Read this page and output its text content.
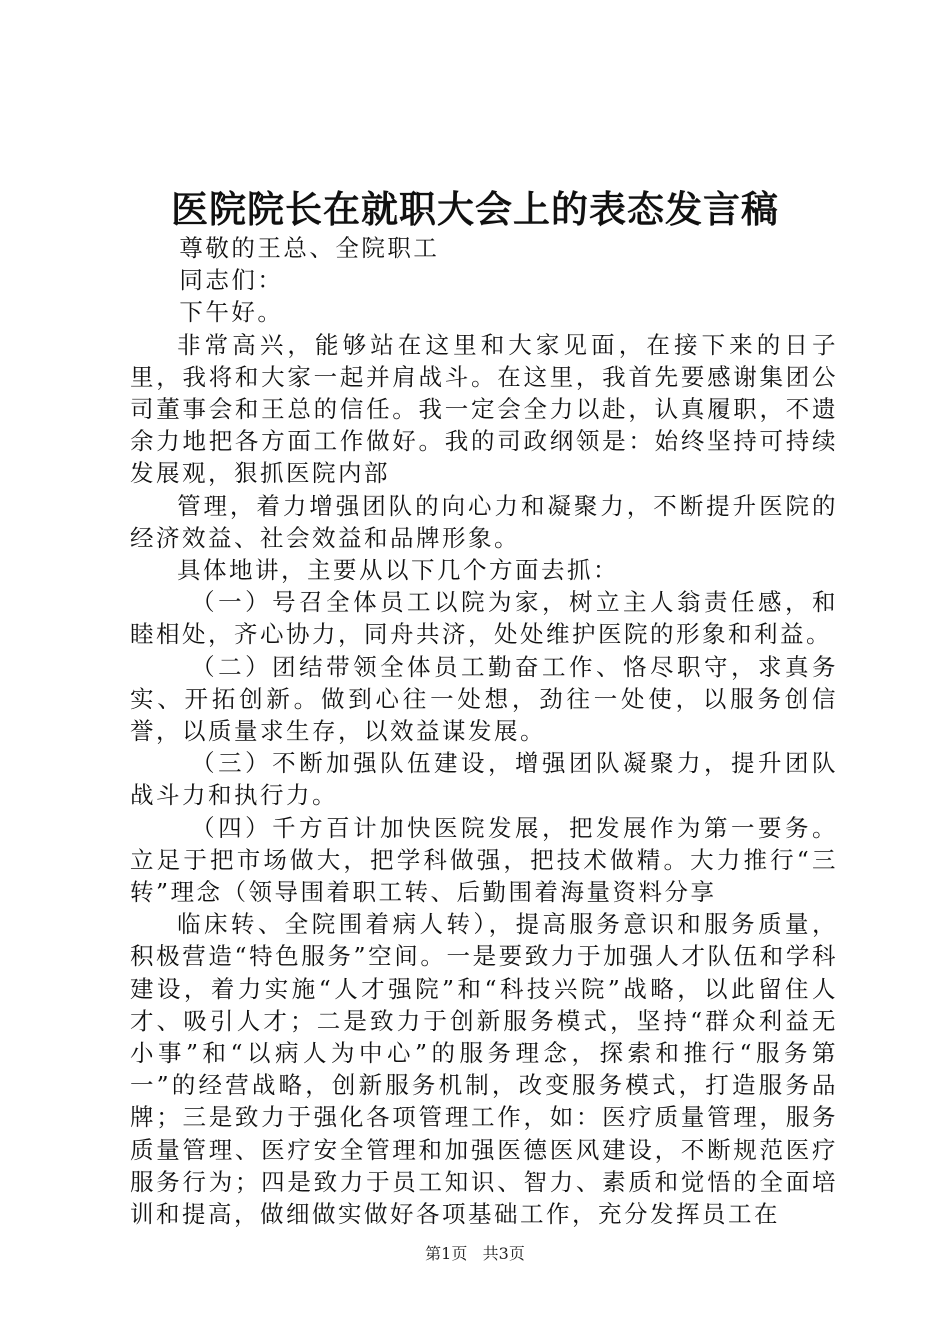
医院院长在就职大会上的表态发言稿

尊敬的王总、全院职工

同志们：

下午好。

非常高兴，能够站在这里和大家见面，在接下来的日子里，我将和大家一起并肩战斗。在这里，我首先要感谢集团公司董事会和王总的信任。我一定会全力以赴，认真履职，不遗余力地把各方面工作做好。我的司政纲领是：始终坚持可持续发展观，狠抓医院内部

管理，着力增强团队的向心力和凝聚力，不断提升医院的经济效益、社会效益和品牌形象。

具体地讲，主要从以下几个方面去抓：

（一）号召全体员工以院为家，树立主人翁责任感，和睦相处，齐心协力，同舟共济，处处维护医院的形象和利益。

（二）团结带领全体员工勤奋工作、恪尽职守，求真务实、开拓创新。做到心往一处想，劲往一处使，以服务创信誉，以质量求生存，以效益谋发展。

（三）不断加强队伍建设，增强团队凝聚力，提升团队战斗力和执行力。

（四）千方百计加快医院发展，把发展作为第一要务。立足于把市场做大，把学科做强，把技术做精。大力推行“三转”理念（领导围着职工转、后勤围着海量资料分享

临床转、全院围着病人转），提高服务意识和服务质量，积极营造“特色服务”空间。一是要致力于加强人才队伍和学科建设，着力实施“人才强院”和“科技兴院”战略，以此留住人才、吸引人才；二是致力于创新服务模式，坚持“群众利益无小事”和“以病人为中心”的服务理念，探索和推行“服务第一”的经营战略，创新服务机制，改变服务模式，打造服务品牌；三是致力于强化各项管理工作，如：医疗质量管理，服务质量管理、医疗安全管理和加强医德医风建设，不断规范医疗服务行为；四是致力于员工知识、智力、素质和觉悟的全面培训和提高，做细做实做好各项基础工作，充分发挥员工在

第1页 共3页
